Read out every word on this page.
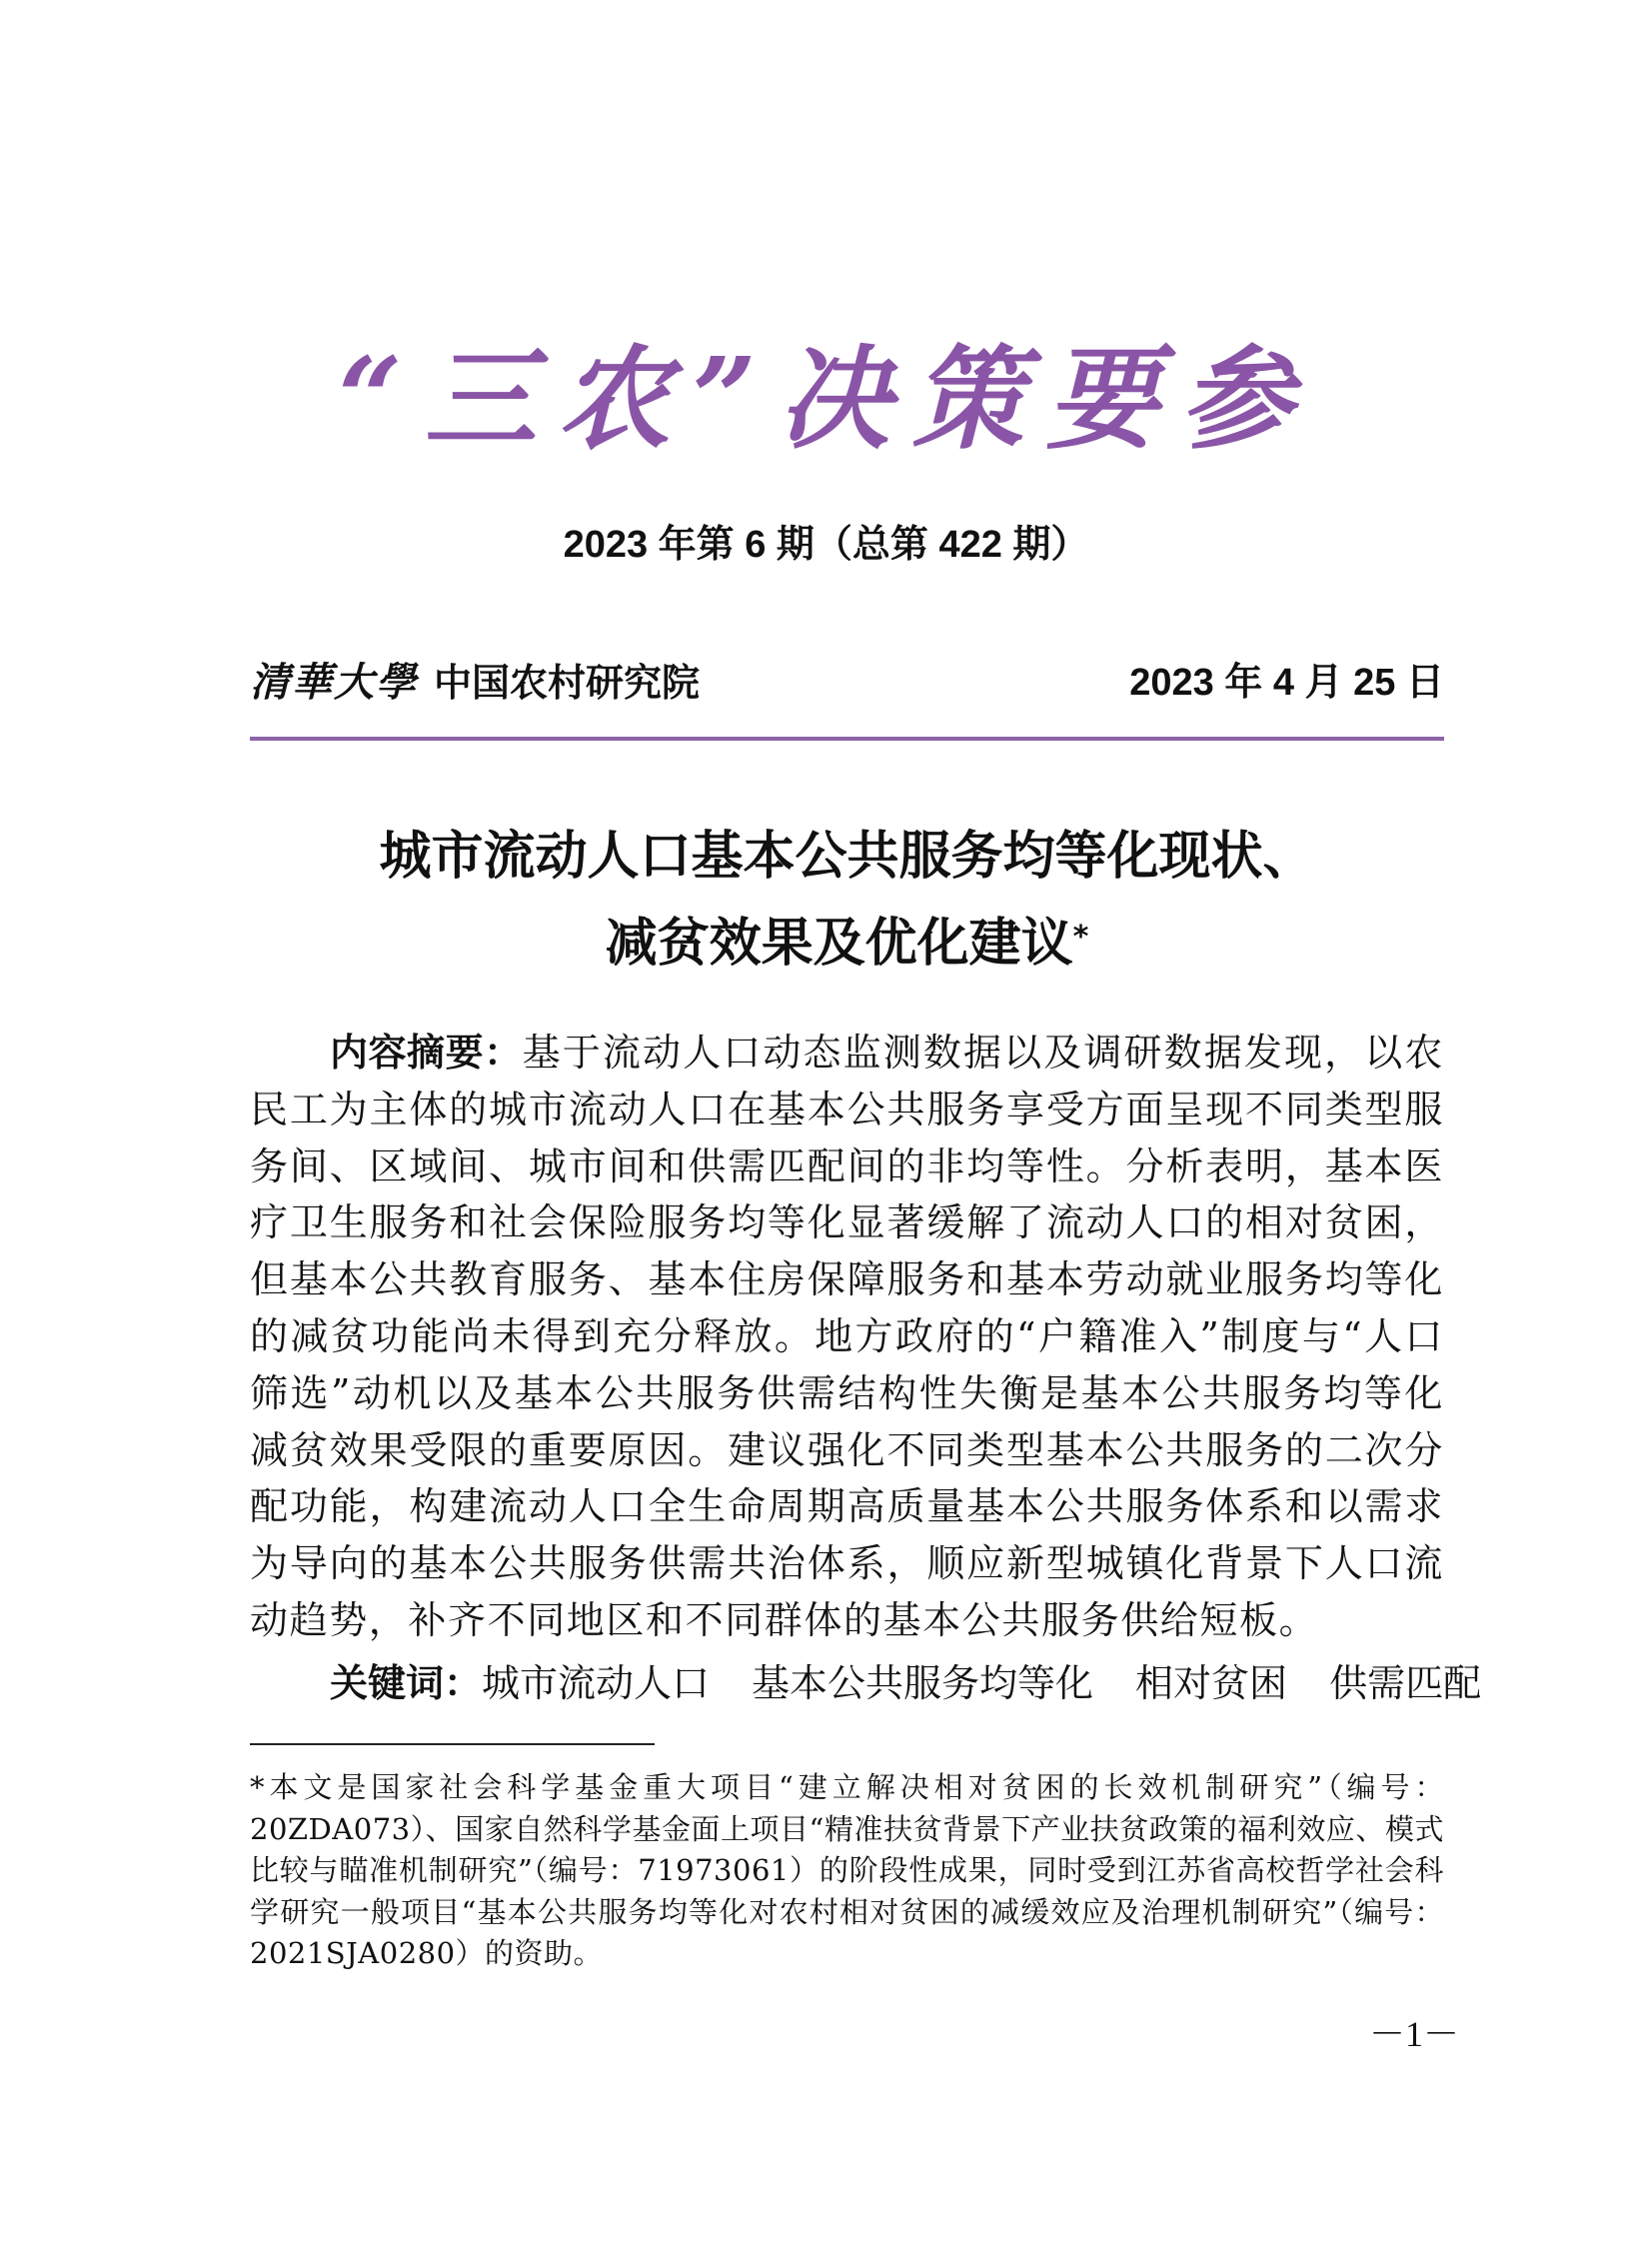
“三农”决策要参
2023 年第 6 期（总第 422 期）
清華大學 中国农村研究院	2023 年 4 月 25 日
城市流动人口基本公共服务均等化现状、
减贫效果及优化建议*

内容摘要：基于流动人口动态监测数据以及调研数据发现，以农民工为主体的城市流动人口在基本公共服务享受方面呈现不同类型服务间、区域间、城市间和供需匹配间的非均等性。分析表明，基本医疗卫生服务和社会保险服务均等化显著缓解了流动人口的相对贫困，但基本公共教育服务、基本住房保障服务和基本劳动就业服务均等化的减贫功能尚未得到充分释放。地方政府的“户籍准入”制度与“人口筛选”动机以及基本公共服务供需结构性失衡是基本公共服务均等化减贫效果受限的重要原因。建议强化不同类型基本公共服务的二次分配功能，构建流动人口全生命周期高质量基本公共服务体系和以需求为导向的基本公共服务供需共治体系，顺应新型城镇化背景下人口流动趋势，补齐不同地区和不同群体的基本公共服务供给短板。

关键词：城市流动人口 基本公共服务均等化 相对贫困 供需匹配

*本文是国家社会科学基金重大项目“建立解决相对贫困的长效机制研究”（编号：20ZDA073）、国家自然科学基金面上项目“精准扶贫背景下产业扶贫政策的福利效应、模式比较与瞄准机制研究”（编号：71973061）的阶段性成果，同时受到江苏省高校哲学社会科学研究一般项目“基本公共服务均等化对农村相对贫困的减缓效应及治理机制研究”（编号：2021SJA0280）的资助。

－1－
